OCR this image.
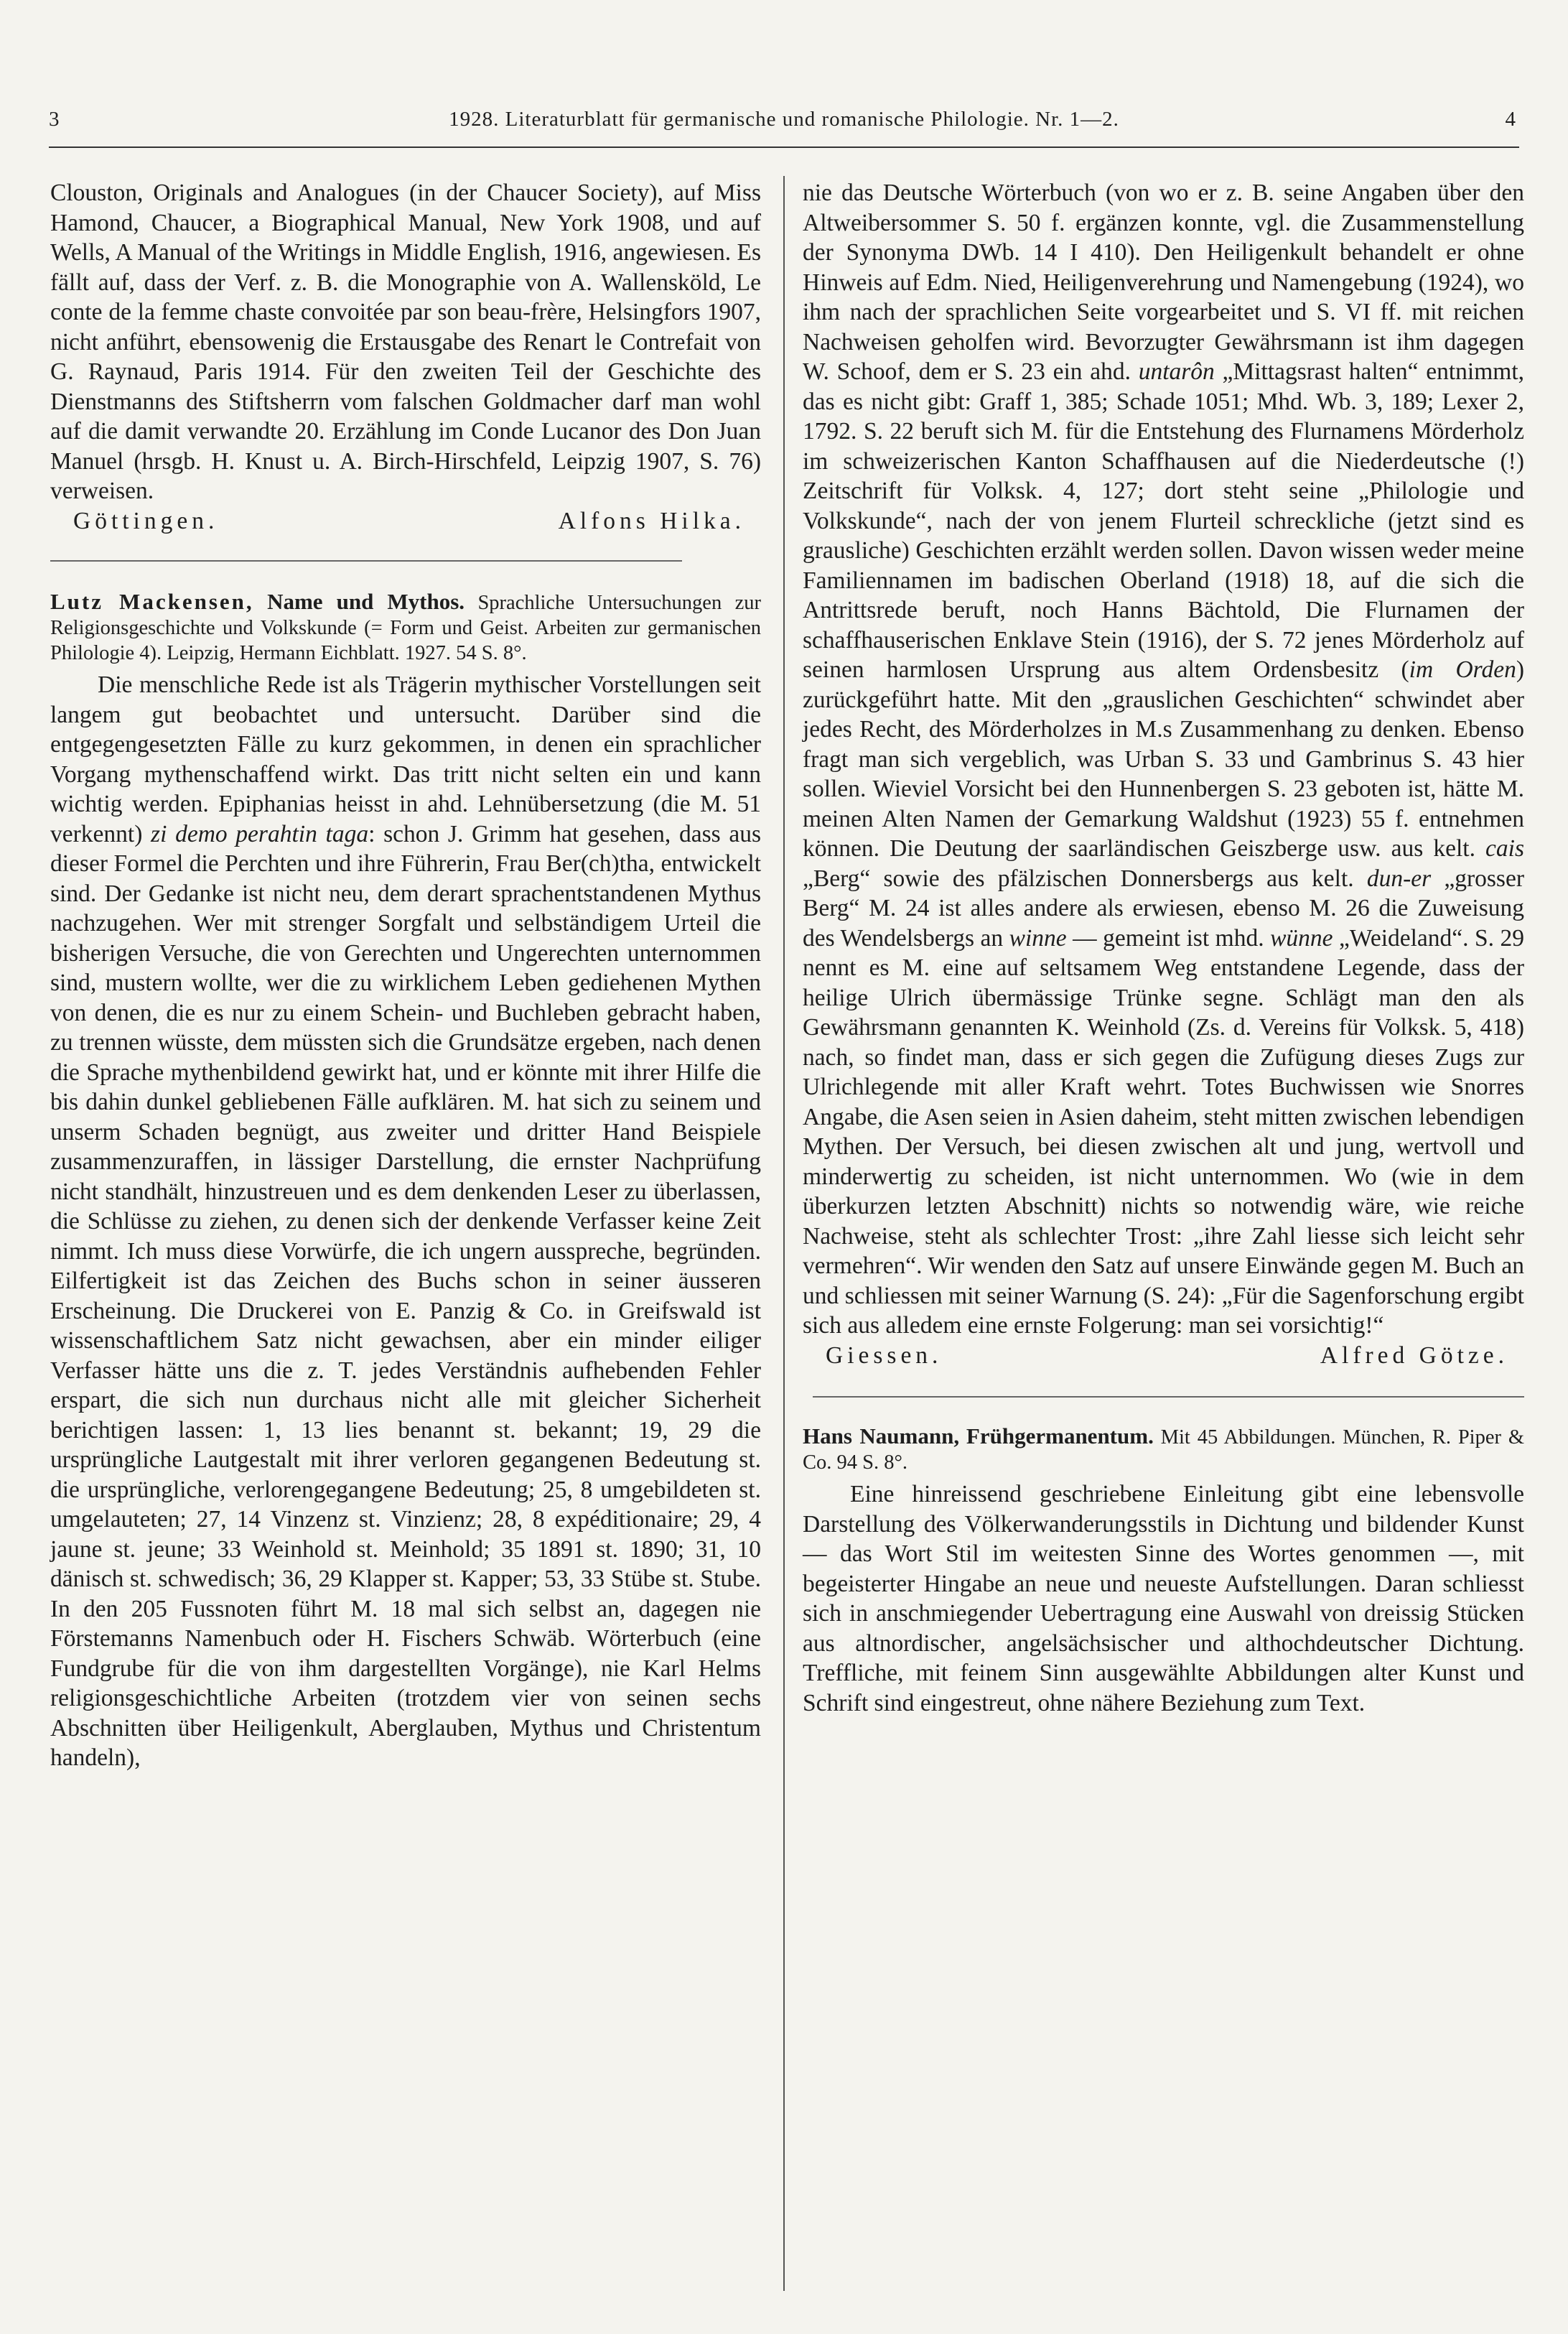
3	1928. Literaturblatt für germanische und romanische Philologie. Nr. 1—2.	4

Clouston, Originals and Analogues (in der Chaucer Society), auf Miss Hamond, Chaucer, a Biographical Manual, New York 1908, und auf Wells, A Manual of the Writings in Middle English, 1916, angewiesen. Es fällt auf, dass der Verf. z. B. die Monographie von A. Wallensköld, Le conte de la femme chaste convoitée par son beau-frère, Helsingfors 1907, nicht anführt, ebensowenig die Erstausgabe des Renart le Contrefait von G. Raynaud, Paris 1914. Für den zweiten Teil der Geschichte des Dienstmanns des Stiftsherrn vom falschen Goldmacher darf man wohl auf die damit verwandte 20. Erzählung im Conde Lucanor des Don Juan Manuel (hrsgb. H. Knust u. A. Birch-Hirschfeld, Leipzig 1907, S. 76) verweisen.

Göttingen.	Alfons Hilka.
Lutz Mackensen, Name und Mythos. Sprachliche Untersuchungen zur Religionsgeschichte und Volkskunde (= Form und Geist. Arbeiten zur germanischen Philologie 4). Leipzig, Hermann Eichblatt. 1927. 54 S. 8°.

Die menschliche Rede ist als Trägerin mythischer Vorstellungen seit langem gut beobachtet und untersucht. Darüber sind die entgegengesetzten Fälle zu kurz gekommen, in denen ein sprachlicher Vorgang mythenschaffend wirkt. Das tritt nicht selten ein und kann wichtig werden. Epiphanias heisst in ahd. Lehnübersetzung (die M. 51 verkennt) zi demo perahtin taga: schon J. Grimm hat gesehen, dass aus dieser Formel die Perchten und ihre Führerin, Frau Ber(ch)tha, entwickelt sind. Der Gedanke ist nicht neu, dem derart sprachentstandenen Mythus nachzugehen. Wer mit strenger Sorgfalt und selbständigem Urteil die bisherigen Versuche, die von Gerechten und Ungerechten unternommen sind, mustern wollte, wer die zu wirklichem Leben gediehenen Mythen von denen, die es nur zu einem Schein- und Buchleben gebracht haben, zu trennen wüsste, dem müssten sich die Grundsätze ergeben, nach denen die Sprache mythenbildend gewirkt hat, und er könnte mit ihrer Hilfe die bis dahin dunkel gebliebenen Fälle aufklären. M. hat sich zu seinem und unserm Schaden begnügt, aus zweiter und dritter Hand Beispiele zusammenzuraffen, in lässiger Darstellung, die ernster Nachprüfung nicht standhält, hinzustreuen und es dem denkenden Leser zu überlassen, die Schlüsse zu ziehen, zu denen sich der denkende Verfasser keine Zeit nimmt. Ich muss diese Vorwürfe, die ich ungern ausspreche, begründen. Eilfertigkeit ist das Zeichen des Buchs schon in seiner äusseren Erscheinung. Die Druckerei von E. Panzig & Co. in Greifswald ist wissenschaftlichem Satz nicht gewachsen, aber ein minder eiliger Verfasser hätte uns die z. T. jedes Verständnis aufhebenden Fehler erspart, die sich nun durchaus nicht alle mit gleicher Sicherheit berichtigen lassen: 1, 13 lies benannt st. bekannt; 19, 29 die ursprüngliche Lautgestalt mit ihrer verloren gegangenen Bedeutung st. die ursprüngliche, verlorengegangene Bedeutung; 25, 8 umgebildeten st. umgelauteten; 27, 14 Vinzenz st. Vinzienz; 28, 8 expéditionaire; 29, 4 jaune st. jeune; 33 Weinhold st. Meinhold; 35 1891 st. 1890; 31, 10 dänisch st. schwedisch; 36, 29 Klapper st. Kapper; 53, 33 Stübe st. Stube. In den 205 Fussnoten führt M. 18 mal sich selbst an, dagegen nie Förstemanns Namenbuch oder H. Fischers Schwäb. Wörterbuch (eine Fundgrube für die von ihm dargestellten Vorgänge), nie Karl Helms religionsgeschichtliche Arbeiten (trotzdem vier von seinen sechs Abschnitten über Heiligenkult, Aberglauben, Mythus und Christentum handeln),

nie das Deutsche Wörterbuch (von wo er z. B. seine Angaben über den Altweibersommer S. 50 f. ergänzen konnte, vgl. die Zusammenstellung der Synonyma DWb. 14 I 410). Den Heiligenkult behandelt er ohne Hinweis auf Edm. Nied, Heiligenverehrung und Namengebung (1924), wo ihm nach der sprachlichen Seite vorgearbeitet und S. VI ff. mit reichen Nachweisen geholfen wird. Bevorzugter Gewährsmann ist ihm dagegen W. Schoof, dem er S. 23 ein ahd. untarôn „Mittagsrast halten“ entnimmt, das es nicht gibt: Graff 1, 385; Schade 1051; Mhd. Wb. 3, 189; Lexer 2, 1792. S. 22 beruft sich M. für die Entstehung des Flurnamens Mörderholz im schweizerischen Kanton Schaffhausen auf die Niederdeutsche (!) Zeitschrift für Volksk. 4, 127; dort steht seine „Philologie und Volkskunde“, nach der von jenem Flurteil schreckliche (jetzt sind es grausliche) Geschichten erzählt werden sollen. Davon wissen weder meine Familiennamen im badischen Oberland (1918) 18, auf die sich die Antrittsrede beruft, noch Hanns Bächtold, Die Flurnamen der schaffhauserischen Enklave Stein (1916), der S. 72 jenes Mörderholz auf seinen harmlosen Ursprung aus altem Ordensbesitz (im Orden) zurückgeführt hatte. Mit den „grauslichen Geschichten“ schwindet aber jedes Recht, des Mörderholzes in M.s Zusammenhang zu denken. Ebenso fragt man sich vergeblich, was Urban S. 33 und Gambrinus S. 43 hier sollen. Wieviel Vorsicht bei den Hunnenbergen S. 23 geboten ist, hätte M. meinen Alten Namen der Gemarkung Waldshut (1923) 55 f. entnehmen können. Die Deutung der saarländischen Geiszberge usw. aus kelt. cais „Berg“ sowie des pfälzischen Donnersbergs aus kelt. dun-er „grosser Berg“ M. 24 ist alles andere als erwiesen, ebenso M. 26 die Zuweisung des Wendelsbergs an winne — gemeint ist mhd. wünne „Weideland“. S. 29 nennt es M. eine auf seltsamem Weg entstandene Legende, dass der heilige Ulrich übermässige Trünke segne. Schlägt man den als Gewährsmann genannten K. Weinhold (Zs. d. Vereins für Volksk. 5, 418) nach, so findet man, dass er sich gegen die Zufügung dieses Zugs zur Ulrichlegende mit aller Kraft wehrt. Totes Buchwissen wie Snorres Angabe, die Asen seien in Asien daheim, steht mitten zwischen lebendigen Mythen. Der Versuch, bei diesen zwischen alt und jung, wertvoll und minderwertig zu scheiden, ist nicht unternommen. Wo (wie in dem überkurzen letzten Abschnitt) nichts so notwendig wäre, wie reiche Nachweise, steht als schlechter Trost: „ihre Zahl liesse sich leicht sehr vermehren“. Wir wenden den Satz auf unsere Einwände gegen M. Buch an und schliessen mit seiner Warnung (S. 24): „Für die Sagenforschung ergibt sich aus alledem eine ernste Folgerung: man sei vorsichtig!“

Giessen.	Alfred Götze.
Hans Naumann, Frühgermanentum. Mit 45 Abbildungen. München, R. Piper & Co. 94 S. 8°.

Eine hinreissend geschriebene Einleitung gibt eine lebensvolle Darstellung des Völkerwanderungsstils in Dichtung und bildender Kunst — das Wort Stil im weitesten Sinne des Wortes genommen —, mit begeisterter Hingabe an neue und neueste Aufstellungen. Daran schliesst sich in anschmiegender Uebertragung eine Auswahl von dreissig Stücken aus altnordischer, angelsächsischer und althochdeutscher Dichtung. Treffliche, mit feinem Sinn ausgewählte Abbildungen alter Kunst und Schrift sind eingestreut, ohne nähere Beziehung zum Text.
